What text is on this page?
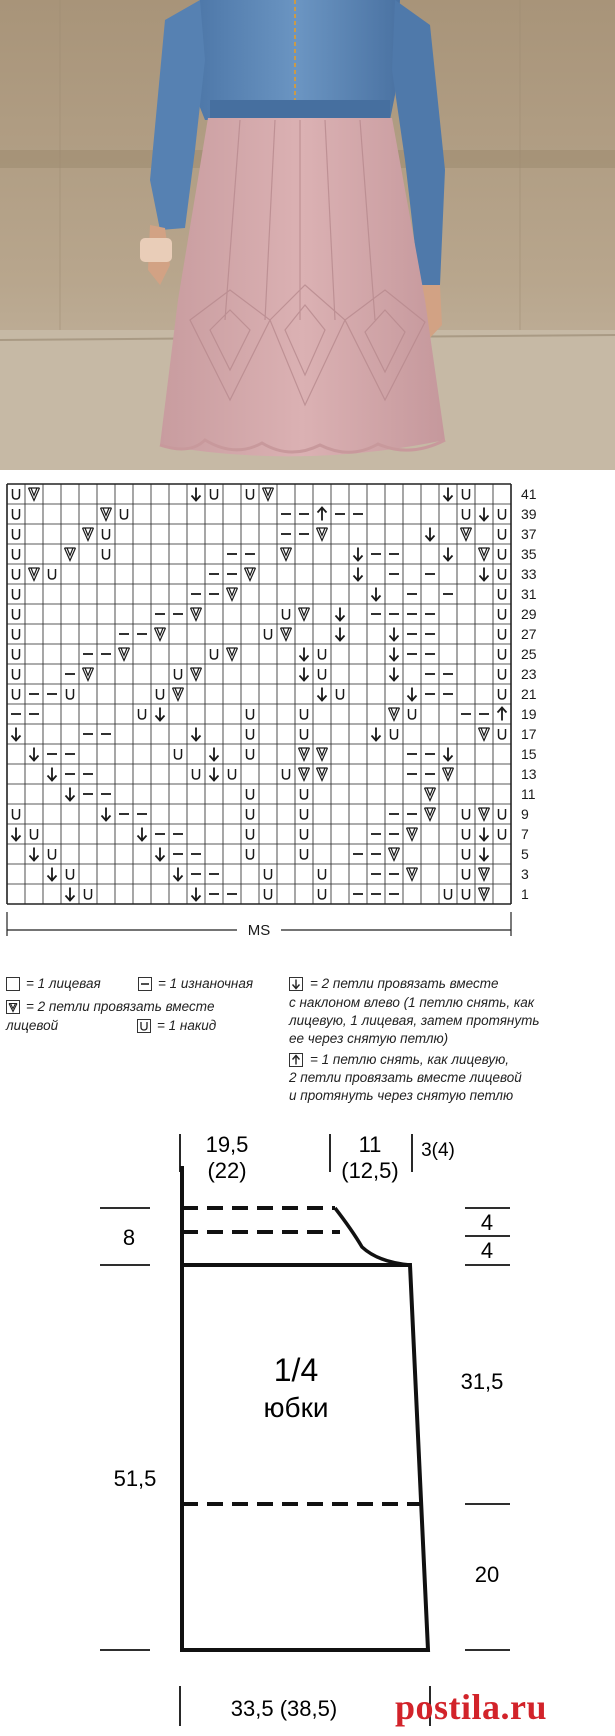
41
39
37
35
33
31
29
27
25
23
21
19
17
15
13
11
9
7
5
3
1
MS
= 1 лицевая	= 1 изнаночная
= 2 петли провязать вместе
лицевой	= 1 накид
= 2 петли провязать вместе
с наклоном влево (1 петлю снять, как
лицевую, 1 лицевая, затем протянуть
ее через снятую петлю)
= 1 петлю снять, как лицевую,
2 петли провязать вместе лицевой
и протянуть через снятую петлю
19,5
(22)
11
(12,5)
3(4)
8
4
4
31,5
51,5
20
33,5 (38,5)
1/4
юбки
postila.ru
